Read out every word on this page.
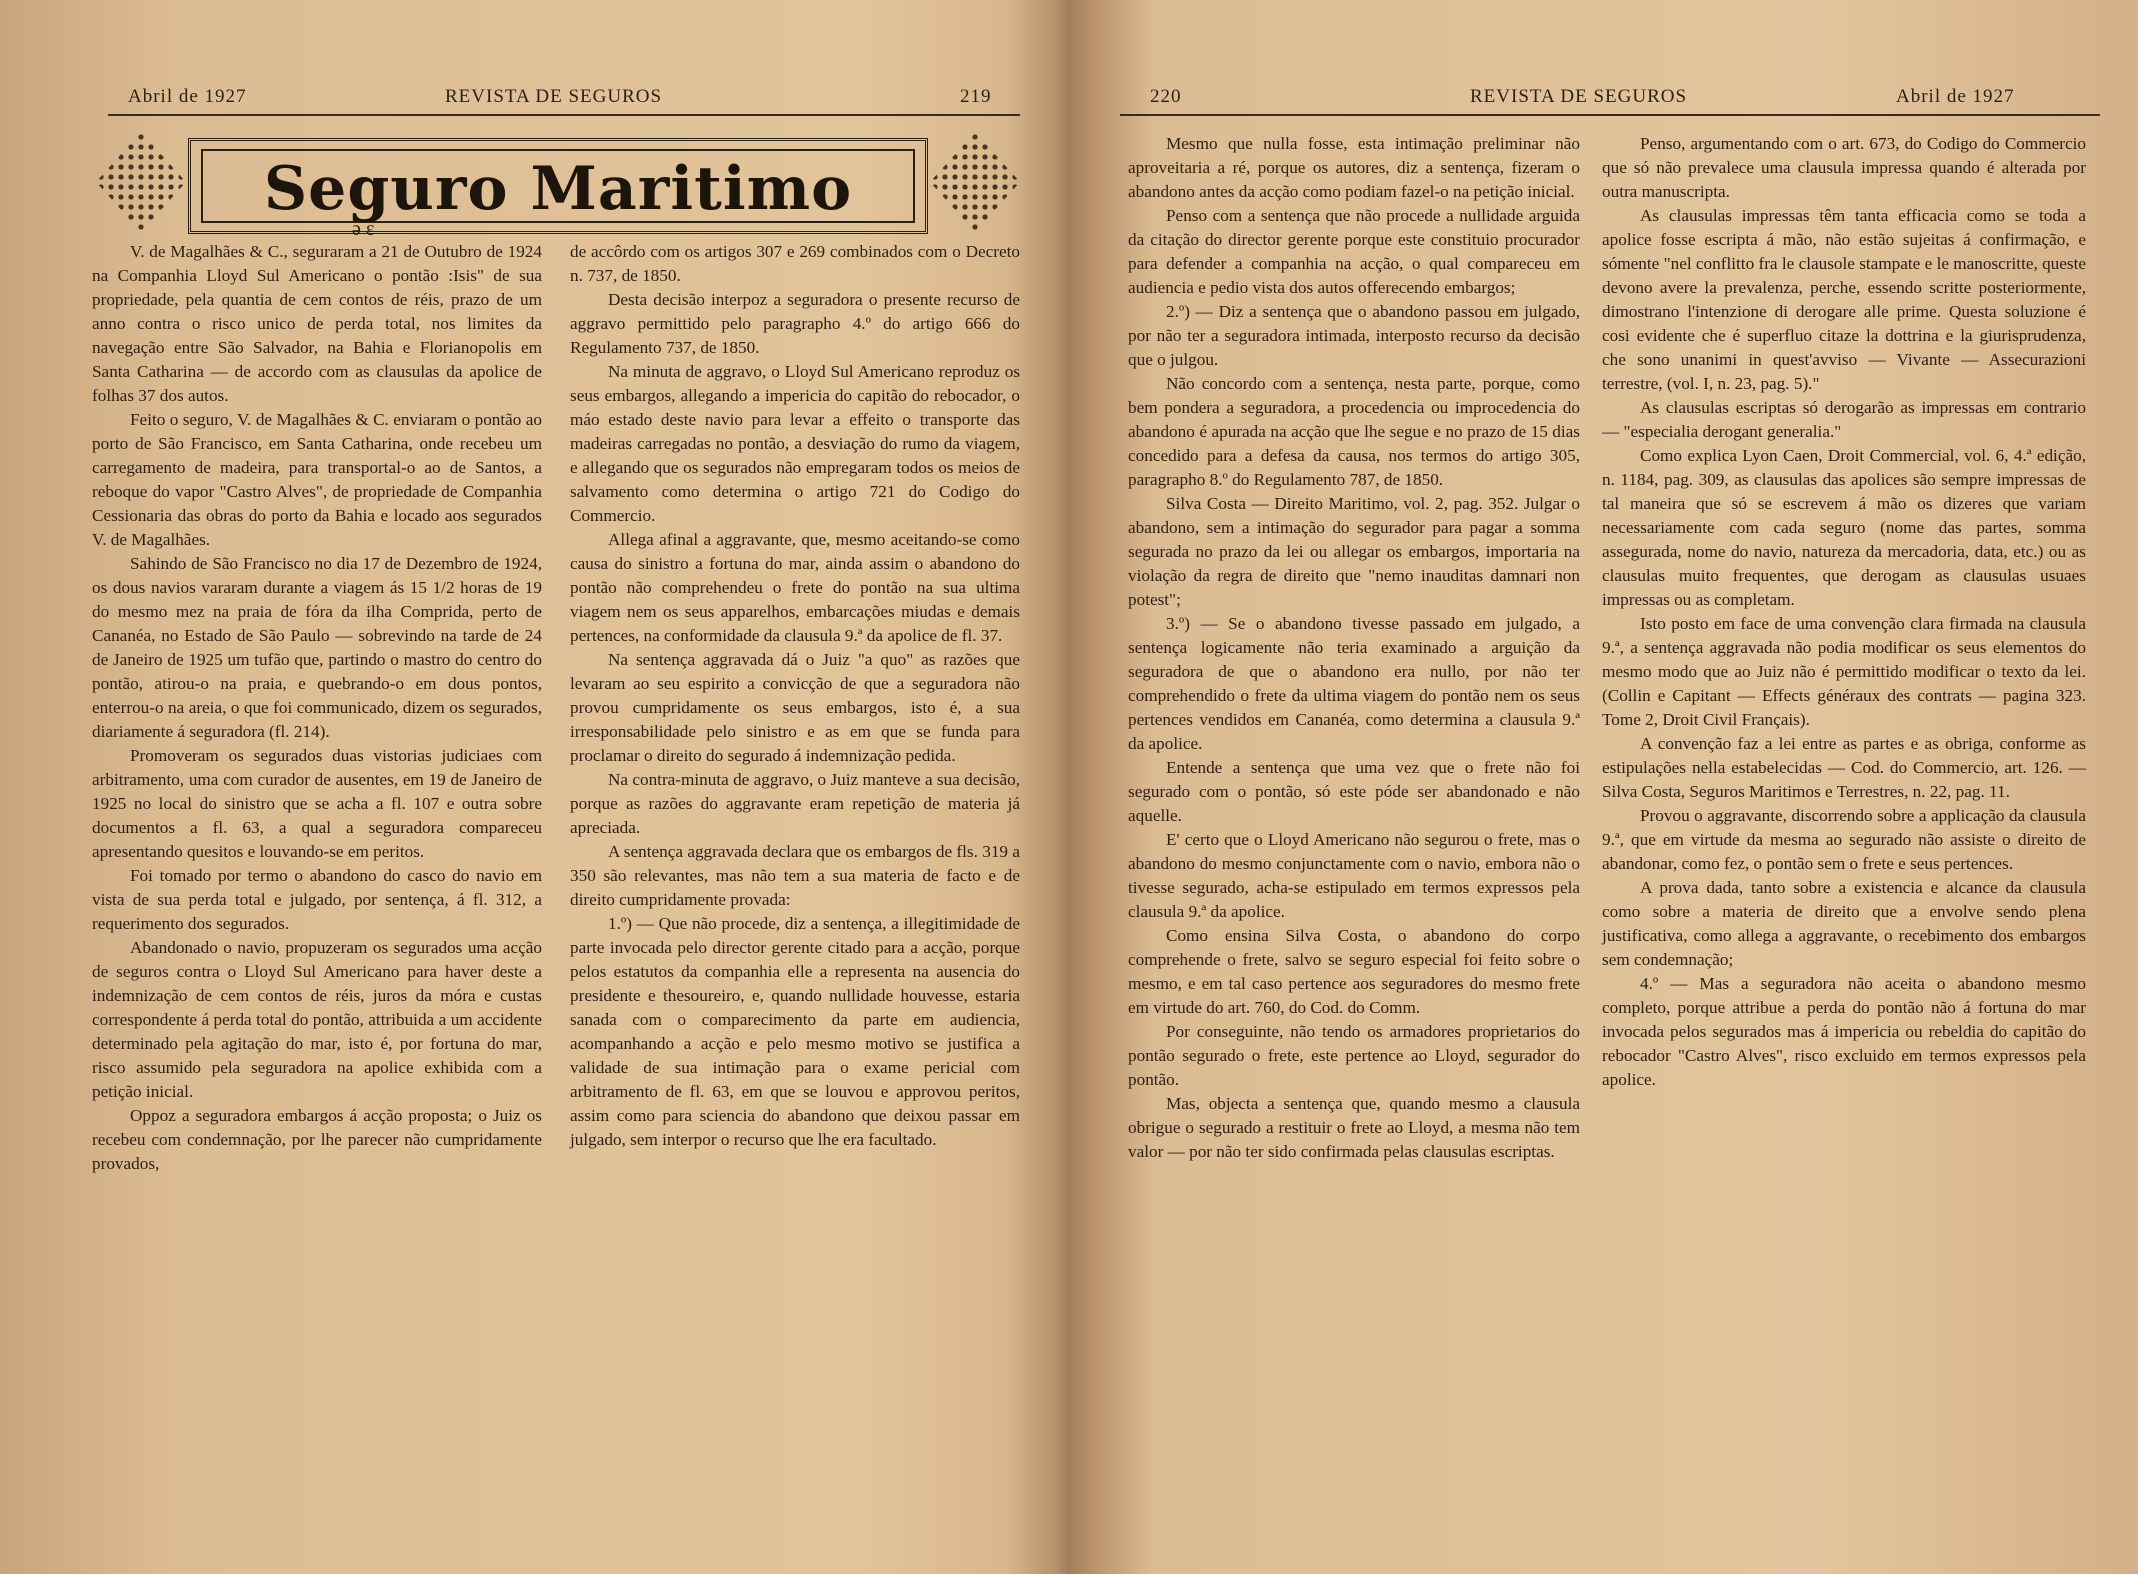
Abril de 1927	REVISTA DE SEGUROS	219
Seguro Maritimo
ə ɛ

V. de Magalhães & C., seguraram a 21 de Outubro de 1924 na Companhia Lloyd Sul Americano o pontão :Isis" de sua propriedade, pela quantia de cem contos de réis, prazo de um anno contra o risco unico de perda total, nos limites da navegação entre São Salvador, na Bahia e Florianopolis em Santa Catharina — de accordo com as clausulas da apolice de folhas 37 dos autos.

Feito o seguro, V. de Magalhães & C. enviaram o pontão ao porto de São Francisco, em Santa Catharina, onde recebeu um carregamento de madeira, para transportal-o ao de Santos, a reboque do vapor "Castro Alves", de propriedade de Companhia Cessionaria das obras do porto da Bahia e locado aos segurados V. de Magalhães.

Sahindo de São Francisco no dia 17 de Dezembro de 1924, os dous navios vararam durante a viagem ás 15 1/2 horas de 19 do mesmo mez na praia de fóra da ilha Comprida, perto de Cananéa, no Estado de São Paulo — sobrevindo na tarde de 24 de Janeiro de 1925 um tufão que, partindo o mastro do centro do pontão, atirou-o na praia, e quebrando-o em dous pontos, enterrou-o na areia, o que foi communicado, dizem os segurados, diariamente á seguradora (fl. 214).

Promoveram os segurados duas vistorias judiciaes com arbitramento, uma com curador de ausentes, em 19 de Janeiro de 1925 no local do sinistro que se acha a fl. 107 e outra sobre documentos a fl. 63, a qual a seguradora compareceu apresentando quesitos e louvando-se em peritos.

Foi tomado por termo o abandono do casco do navio em vista de sua perda total e julgado, por sentença, á fl. 312, a requerimento dos segurados.

Abandonado o navio, propuzeram os segurados uma acção de seguros contra o Lloyd Sul Americano para haver deste a indemnização de cem contos de réis, juros da móra e custas correspondente á perda total do pontão, attribuida a um accidente determinado pela agitação do mar, isto é, por fortuna do mar, risco assumido pela seguradora na apolice exhibida com a petição inicial.

Oppoz a seguradora embargos á acção proposta; o Juiz os recebeu com condemnação, por lhe parecer não cumpridamente provados,

de accôrdo com os artigos 307 e 269 combinados com o Decreto n. 737, de 1850.

Desta decisão interpoz a seguradora o presente recurso de aggravo permittido pelo paragrapho 4.º do artigo 666 do Regulamento 737, de 1850.

Na minuta de aggravo, o Lloyd Sul Americano reproduz os seus embargos, allegando a impericia do capitão do rebocador, o máo estado deste navio para levar a effeito o transporte das madeiras carregadas no pontão, a desviação do rumo da viagem, e allegando que os segurados não empregaram todos os meios de salvamento como determina o artigo 721 do Codigo do Commercio.

Allega afinal a aggravante, que, mesmo aceitando-se como causa do sinistro a fortuna do mar, ainda assim o abandono do pontão não comprehendeu o frete do pontão na sua ultima viagem nem os seus apparelhos, embarcações miudas e demais pertences, na conformidade da clausula 9.ª da apolice de fl. 37.

Na sentença aggravada dá o Juiz "a quo" as razões que levaram ao seu espirito a convicção de que a seguradora não provou cumpridamente os seus embargos, isto é, a sua irresponsabilidade pelo sinistro e as em que se funda para proclamar o direito do segurado á indemnização pedida.

Na contra-minuta de aggravo, o Juiz manteve a sua decisão, porque as razões do aggravante eram repetição de materia já apreciada.

A sentença aggravada declara que os embargos de fls. 319 a 350 são relevantes, mas não tem a sua materia de facto e de direito cumpridamente provada:

1.º) — Que não procede, diz a sentença, a illegitimidade de parte invocada pelo director gerente citado para a acção, porque pelos estatutos da companhia elle a representa na ausencia do presidente e thesoureiro, e, quando nullidade houvesse, estaria sanada com o comparecimento da parte em audiencia, acompanhando a acção e pelo mesmo motivo se justifica a validade de sua intimação para o exame pericial com arbitramento de fl. 63, em que se louvou e approvou peritos, assim como para sciencia do abandono que deixou passar em julgado, sem interpor o recurso que lhe era facultado.

220	REVISTA DE SEGUROS	Abril de 1927

Mesmo que nulla fosse, esta intimação preliminar não aproveitaria a ré, porque os autores, diz a sentença, fizeram o abandono antes da acção como podiam fazel-o na petição inicial.

Penso com a sentença que não procede a nullidade arguida da citação do director gerente porque este constituio procurador para defender a companhia na acção, o qual compareceu em audiencia e pedio vista dos autos offerecendo embargos;

2.º) — Diz a sentença que o abandono passou em julgado, por não ter a seguradora intimada, interposto recurso da decisão que o julgou.

Não concordo com a sentença, nesta parte, porque, como bem pondera a seguradora, a procedencia ou improcedencia do abandono é apurada na acção que lhe segue e no prazo de 15 dias concedido para a defesa da causa, nos termos do artigo 305, paragrapho 8.º do Regulamento 787, de 1850.

Silva Costa — Direito Maritimo, vol. 2, pag. 352. Julgar o abandono, sem a intimação do segurador para pagar a somma segurada no prazo da lei ou allegar os embargos, importaria na violação da regra de direito que "nemo inauditas damnari non potest";

3.º) — Se o abandono tivesse passado em julgado, a sentença logicamente não teria examinado a arguição da seguradora de que o abandono era nullo, por não ter comprehendido o frete da ultima viagem do pontão nem os seus pertences vendidos em Cananéa, como determina a clausula 9.ª da apolice.

Entende a sentença que uma vez que o frete não foi segurado com o pontão, só este póde ser abandonado e não aquelle.

E' certo que o Lloyd Americano não segurou o frete, mas o abandono do mesmo conjunctamente com o navio, embora não o tivesse segurado, acha-se estipulado em termos expressos pela clausula 9.ª da apolice.

Como ensina Silva Costa, o abandono do corpo comprehende o frete, salvo se seguro especial foi feito sobre o mesmo, e em tal caso pertence aos seguradores do mesmo frete em virtude do art. 760, do Cod. do Comm.

Por conseguinte, não tendo os armadores proprietarios do pontão segurado o frete, este pertence ao Lloyd, segurador do pontão.

Mas, objecta a sentença que, quando mesmo a clausula obrigue o segurado a restituir o frete ao Lloyd, a mesma não tem valor — por não ter sido confirmada pelas clausulas escriptas.

Penso, argumentando com o art. 673, do Codigo do Commercio que só não prevalece uma clausula impressa quando é alterada por outra manuscripta.

As clausulas impressas têm tanta efficacia como se toda a apolice fosse escripta á mão, não estão sujeitas á confirmação, e sómente "nel conflitto fra le clausole stampate e le manoscritte, queste devono avere la prevalenza, perche, essendo scritte posteriormente, dimostrano l'intenzione di derogare alle prime. Questa soluzione é cosi evidente che é superfluo citaze la dottrina e la giurisprudenza, che sono unanimi in quest'avviso — Vivante — Assecurazioni terrestre, (vol. I, n. 23, pag. 5)."

As clausulas escriptas só derogarão as impressas em contrario — "especialia derogant generalia."

Como explica Lyon Caen, Droit Commercial, vol. 6, 4.ª edição, n. 1184, pag. 309, as clausulas das apolices são sempre impressas de tal maneira que só se escrevem á mão os dizeres que variam necessariamente com cada seguro (nome das partes, somma assegurada, nome do navio, natureza da mercadoria, data, etc.) ou as clausulas muito frequentes, que derogam as clausulas usuaes impressas ou as completam.

Isto posto em face de uma convenção clara firmada na clausula 9.ª, a sentença aggravada não podia modificar os seus elementos do mesmo modo que ao Juiz não é permittido modificar o texto da lei. (Collin e Capitant — Effects généraux des contrats — pagina 323. Tome 2, Droit Civil Français).

A convenção faz a lei entre as partes e as obriga, conforme as estipulações nella estabelecidas — Cod. do Commercio, art. 126. — Silva Costa, Seguros Maritimos e Terrestres, n. 22, pag. 11.

Provou o aggravante, discorrendo sobre a applicação da clausula 9.ª, que em virtude da mesma ao segurado não assiste o direito de abandonar, como fez, o pontão sem o frete e seus pertences.

A prova dada, tanto sobre a existencia e alcance da clausula como sobre a materia de direito que a envolve sendo plena justificativa, como allega a aggravante, o recebimento dos embargos sem condemnação;

4.º — Mas a seguradora não aceita o abandono mesmo completo, porque attribue a perda do pontão não á fortuna do mar invocada pelos segurados mas á impericia ou rebeldia do capitão do rebocador "Castro Alves", risco excluido em termos expressos pela apolice.
